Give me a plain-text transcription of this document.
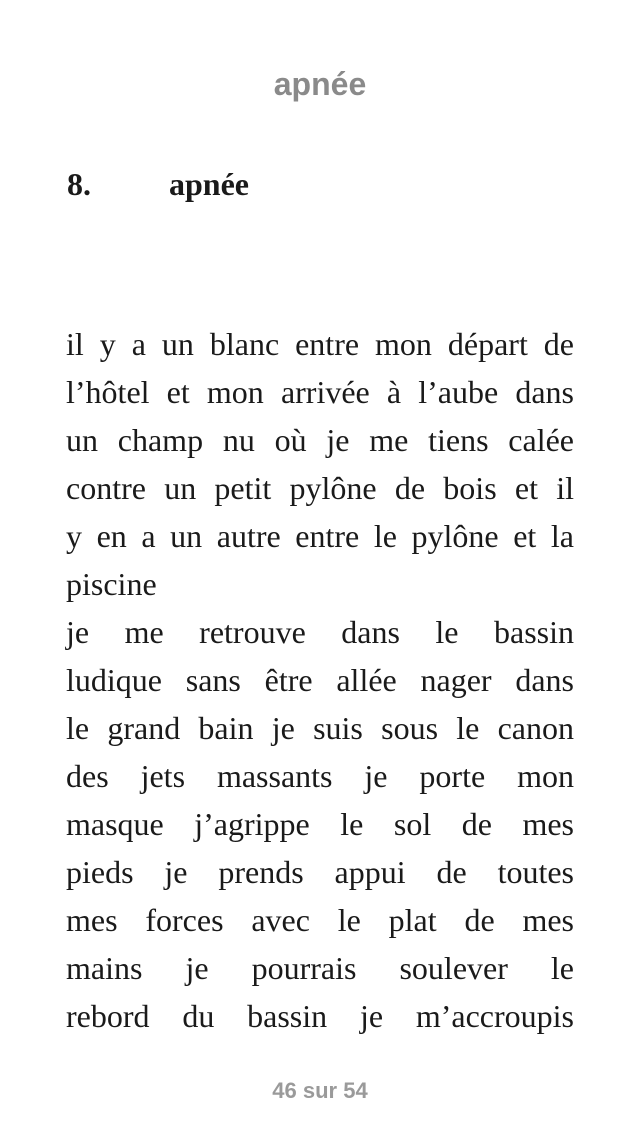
apnée
8. apnée
il y a un blanc entre mon départ de
l’hôtel et mon arrivée à l’aube dans
un champ nu où je me tiens calée
contre un petit pylône de bois et il
y en a un autre entre le pylône et la
piscine
je me retrouve dans le bassin
ludique sans être allée nager dans
le grand bain je suis sous le canon
des jets massants je porte mon
masque j’agrippe le sol de mes
pieds je prends appui de toutes
mes forces avec le plat de mes
mains je pourrais soulever le
rebord du bassin je m’accroupis
46 sur 54
